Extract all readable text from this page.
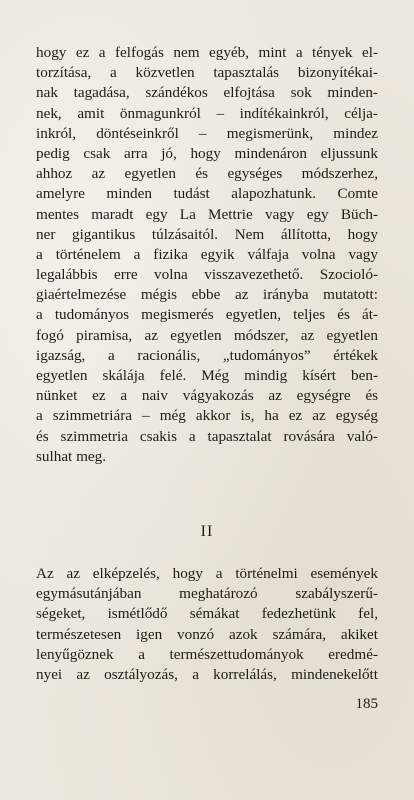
hogy ez a felfogás nem egyéb, mint a tények el-
torzítása, a közvetlen tapasztalás bizonyítékai-
nak tagadása, szándékos elfojtása sok minden-
nek, amit önmagunkról – indítékainkról, célja-
inkról, döntéseinkről – megismerünk, mindez
pedig csak arra jó, hogy mindenáron eljussunk
ahhoz az egyetlen és egységes módszerhez,
amelyre minden tudást alapozhatunk. Comte
mentes maradt egy La Mettrie vagy egy Büch-
ner gigantikus túlzásaitól. Nem állította, hogy
a történelem a fizika egyik válfaja volna vagy
legalábbis erre volna visszavezethető. Szocioló-
giaértelmezése mégis ebbe az irányba mutatott:
a tudományos megismerés egyetlen, teljes és át-
fogó piramisa, az egyetlen módszer, az egyetlen
igazság, a racionális, „tudományos” értékek
egyetlen skálája felé. Még mindig kísért ben-
nünket ez a naiv vágyakozás az egységre és
a szimmetriára – még akkor is, ha ez az egység
és szimmetria csakis a tapasztalat rovására való-
sulhat meg.
II
Az az elképzelés, hogy a történelmi események
egymásutánjában meghatározó szabályszerű-
ségeket, ismétlődő sémákat fedezhetünk fel,
természetesen igen vonzó azok számára, akiket
lenyűgöznek a természettudományok eredmé-
nyei az osztályozás, a korrelálás, mindenekelőtt
185
